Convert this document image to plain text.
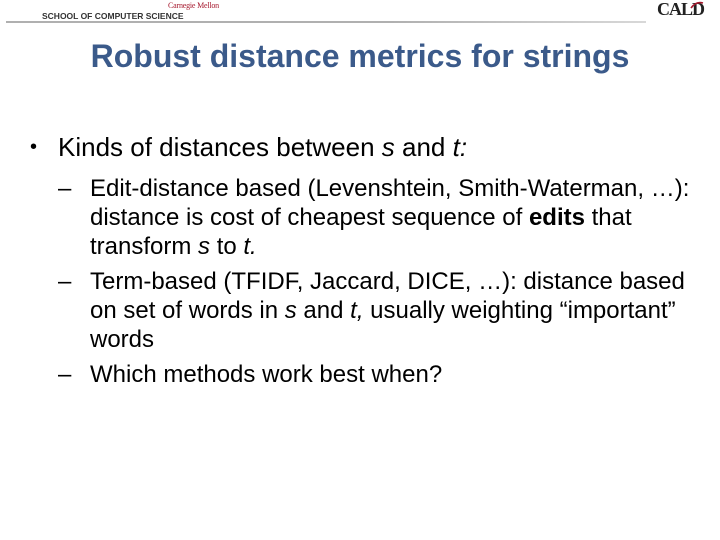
Carnegie Mellon
SCHOOL OF COMPUTER SCIENCE	CALD
Robust distance metrics for strings
• Kinds of distances between s and t:
– Edit-distance based (Levenshtein, Smith-Waterman, …): distance is cost of cheapest sequence of edits that transform s to t.
– Term-based (TFIDF, Jaccard, DICE, …): distance based on set of words in s and t, usually weighting “important” words
– Which methods work best when?
